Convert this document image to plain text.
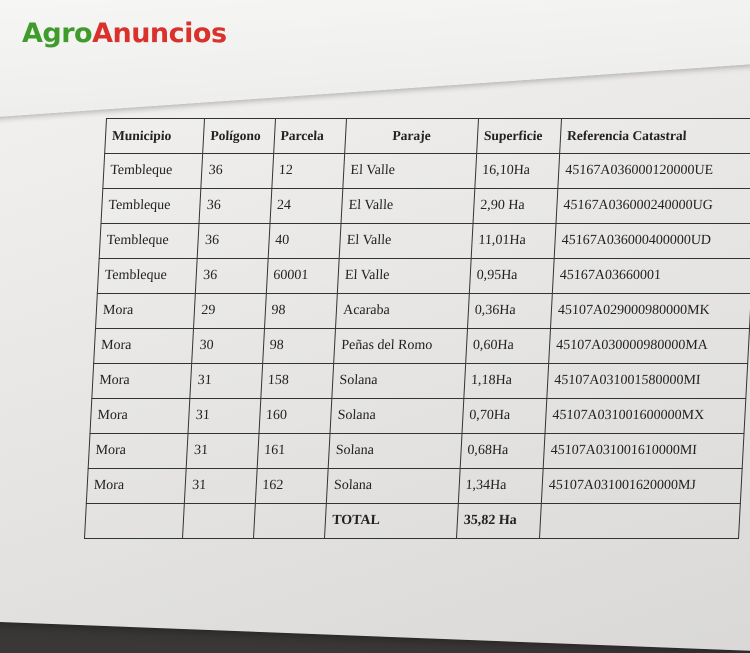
AgroAnuncios
Municipio	Polígono	Parcela	Paraje	Superficie	Referencia Catastral
Tembleque	36	12	El Valle	16,10Ha	45167A036000120000UE
Tembleque	36	24	El Valle	2,90 Ha	45167A036000240000UG
Tembleque	36	40	El Valle	11,01Ha	45167A036000400000UD
Tembleque	36	60001	El Valle	0,95Ha	45167A03660001
Mora	29	98	Acaraba	0,36Ha	45107A029000980000MK
Mora	30	98	Peñas del Romo	0,60Ha	45107A030000980000MA
Mora	31	158	Solana	1,18Ha	45107A031001580000MI
Mora	31	160	Solana	0,70Ha	45107A031001600000MX
Mora	31	161	Solana	0,68Ha	45107A031001610000MI
Mora	31	162	Solana	1,34Ha	45107A031001620000MJ
			TOTAL	35,82 Ha	
